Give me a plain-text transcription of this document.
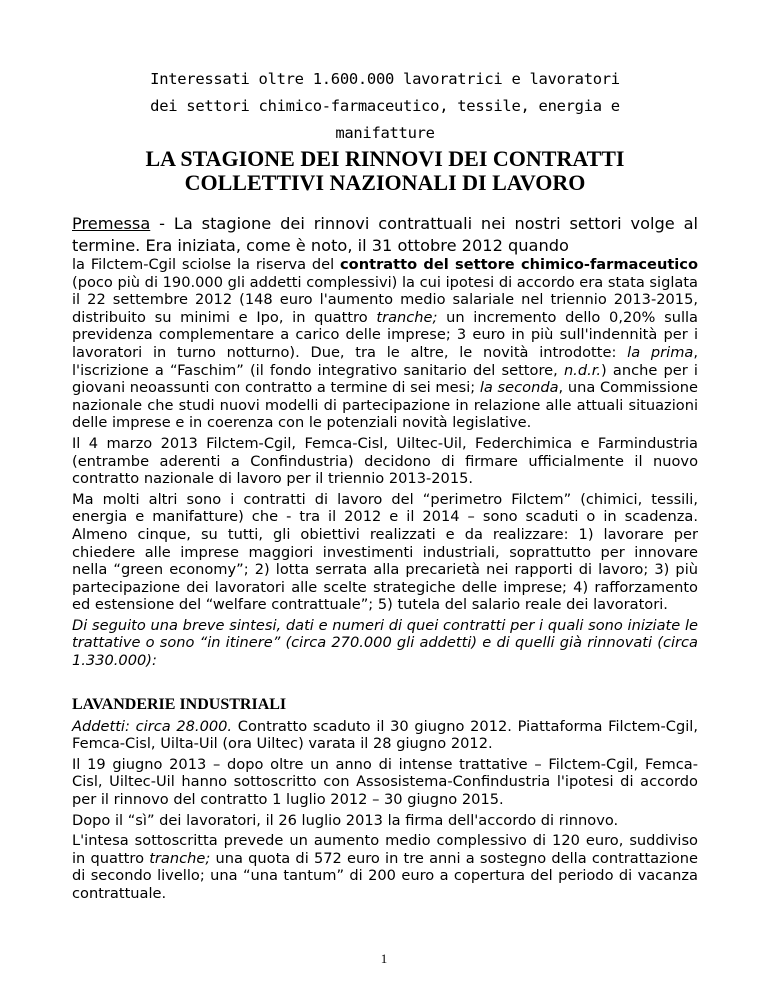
Interessati oltre 1.600.000 lavoratrici e lavoratori

dei settori chimico-farmaceutico, tessile, energia e

manifatture

LA STAGIONE DEI RINNOVI DEI CONTRATTI
COLLETTIVI NAZIONALI DI LAVORO

Premessa - La stagione dei rinnovi contrattuali nei nostri settori volge al termine. Era iniziata, come è noto, il 31 ottobre 2012 quando

la Filctem-Cgil sciolse la riserva del contratto del settore chimico-farmaceutico (poco più di 190.000 gli addetti complessivi) la cui ipotesi di accordo era stata siglata il 22 settembre 2012 (148 euro l'aumento medio salariale nel triennio 2013-2015, distribuito su minimi e Ipo, in quattro tranche; un incremento dello 0,20% sulla previdenza complementare a carico delle imprese; 3 euro in più sull'indennità per i lavoratori in turno notturno). Due, tra le altre, le novità introdotte: la prima, l'iscrizione a “Faschim” (il fondo integrativo sanitario del settore, n.d.r.) anche per i giovani neoassunti con contratto a termine di sei mesi; la seconda, una Commissione nazionale che studi nuovi modelli di partecipazione in relazione alle attuali situazioni delle imprese e in coerenza con le potenziali novità legislative.

Il 4 marzo 2013 Filctem-Cgil, Femca-Cisl, Uiltec-Uil, Federchimica e Farmindustria (entrambe aderenti a Confindustria) decidono di firmare ufficialmente il nuovo contratto nazionale di lavoro per il triennio 2013-2015.

Ma molti altri sono i contratti di lavoro del “perimetro Filctem” (chimici, tessili, energia e manifatture) che - tra il 2012 e il 2014 – sono scaduti o in scadenza. Almeno cinque, su tutti, gli obiettivi realizzati e da realizzare: 1) lavorare per chiedere alle imprese maggiori investimenti industriali, soprattutto per innovare nella “green economy”; 2) lotta serrata alla precarietà nei rapporti di lavoro; 3) più partecipazione dei lavoratori alle scelte strategiche delle imprese; 4) rafforzamento ed estensione del “welfare contrattuale”; 5) tutela del salario reale dei lavoratori.

Di seguito una breve sintesi, dati e numeri di quei contratti per i quali sono iniziate le trattative o sono “in itinere” (circa 270.000 gli addetti) e di quelli già rinnovati (circa 1.330.000):

LAVANDERIE INDUSTRIALI

Addetti: circa 28.000. Contratto scaduto il 30 giugno 2012. Piattaforma Filctem-Cgil, Femca-Cisl, Uilta-Uil (ora Uiltec) varata il 28 giugno 2012.

Il 19 giugno 2013 – dopo oltre un anno di intense trattative – Filctem-Cgil, Femca-Cisl, Uiltec-Uil hanno sottoscritto con Assosistema-Confindustria l'ipotesi di accordo per il rinnovo del contratto 1 luglio 2012 – 30 giugno 2015.

Dopo il “sì” dei lavoratori, il 26 luglio 2013 la firma dell'accordo di rinnovo.

L'intesa sottoscritta prevede un aumento medio complessivo di 120 euro, suddiviso in quattro tranche; una quota di 572 euro in tre anni a sostegno della contrattazione di secondo livello; una “una tantum” di 200 euro a copertura del periodo di vacanza contrattuale.

1
